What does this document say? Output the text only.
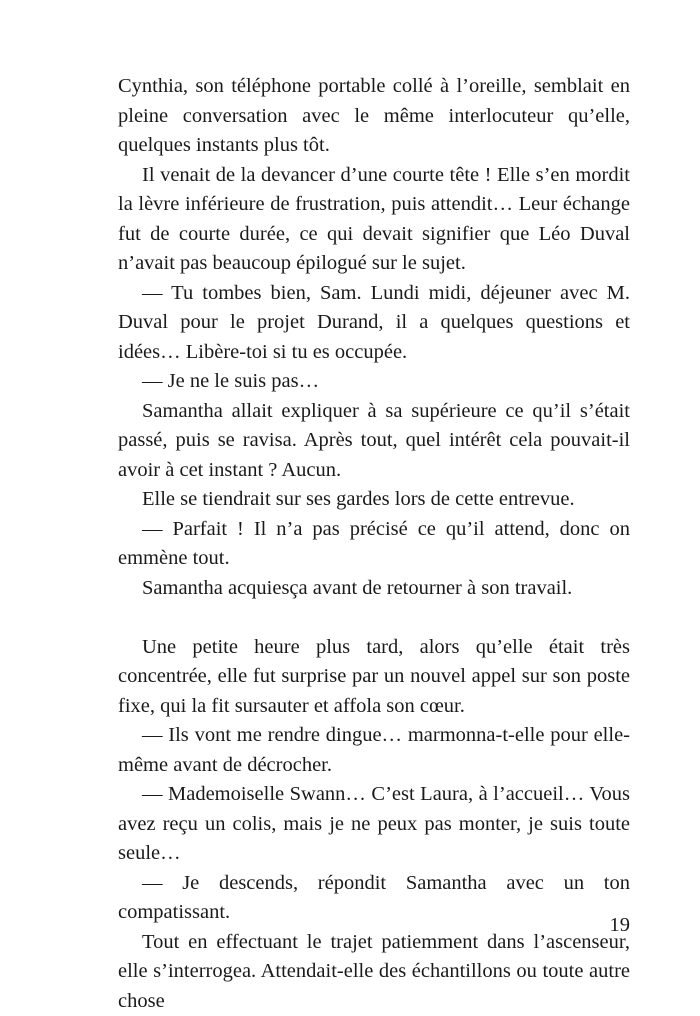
Cynthia, son téléphone portable collé à l’oreille, semblait en pleine conversation avec le même interlocuteur qu’elle, quelques instants plus tôt.

Il venait de la devancer d’une courte tête ! Elle s’en mordit la lèvre inférieure de frustration, puis attendit… Leur échange fut de courte durée, ce qui devait signifier que Léo Duval n’avait pas beaucoup épilogué sur le sujet.

— Tu tombes bien, Sam. Lundi midi, déjeuner avec M. Duval pour le projet Durand, il a quelques questions et idées… Libère-toi si tu es occupée.

— Je ne le suis pas…

Samantha allait expliquer à sa supérieure ce qu’il s’était passé, puis se ravisa. Après tout, quel intérêt cela pouvait-il avoir à cet instant ? Aucun.

Elle se tiendrait sur ses gardes lors de cette entrevue.

— Parfait ! Il n’a pas précisé ce qu’il attend, donc on emmène tout.

Samantha acquiesça avant de retourner à son travail.

Une petite heure plus tard, alors qu’elle était très concentrée, elle fut surprise par un nouvel appel sur son poste fixe, qui la fit sursauter et affola son cœur.

— Ils vont me rendre dingue… marmonna-t-elle pour elle-même avant de décrocher.

— Mademoiselle Swann… C’est Laura, à l’accueil… Vous avez reçu un colis, mais je ne peux pas monter, je suis toute seule…

— Je descends, répondit Samantha avec un ton compatissant.

Tout en effectuant le trajet patiemment dans l’ascenseur, elle s’interrogea. Attendait-elle des échantillons ou toute autre chose

19
